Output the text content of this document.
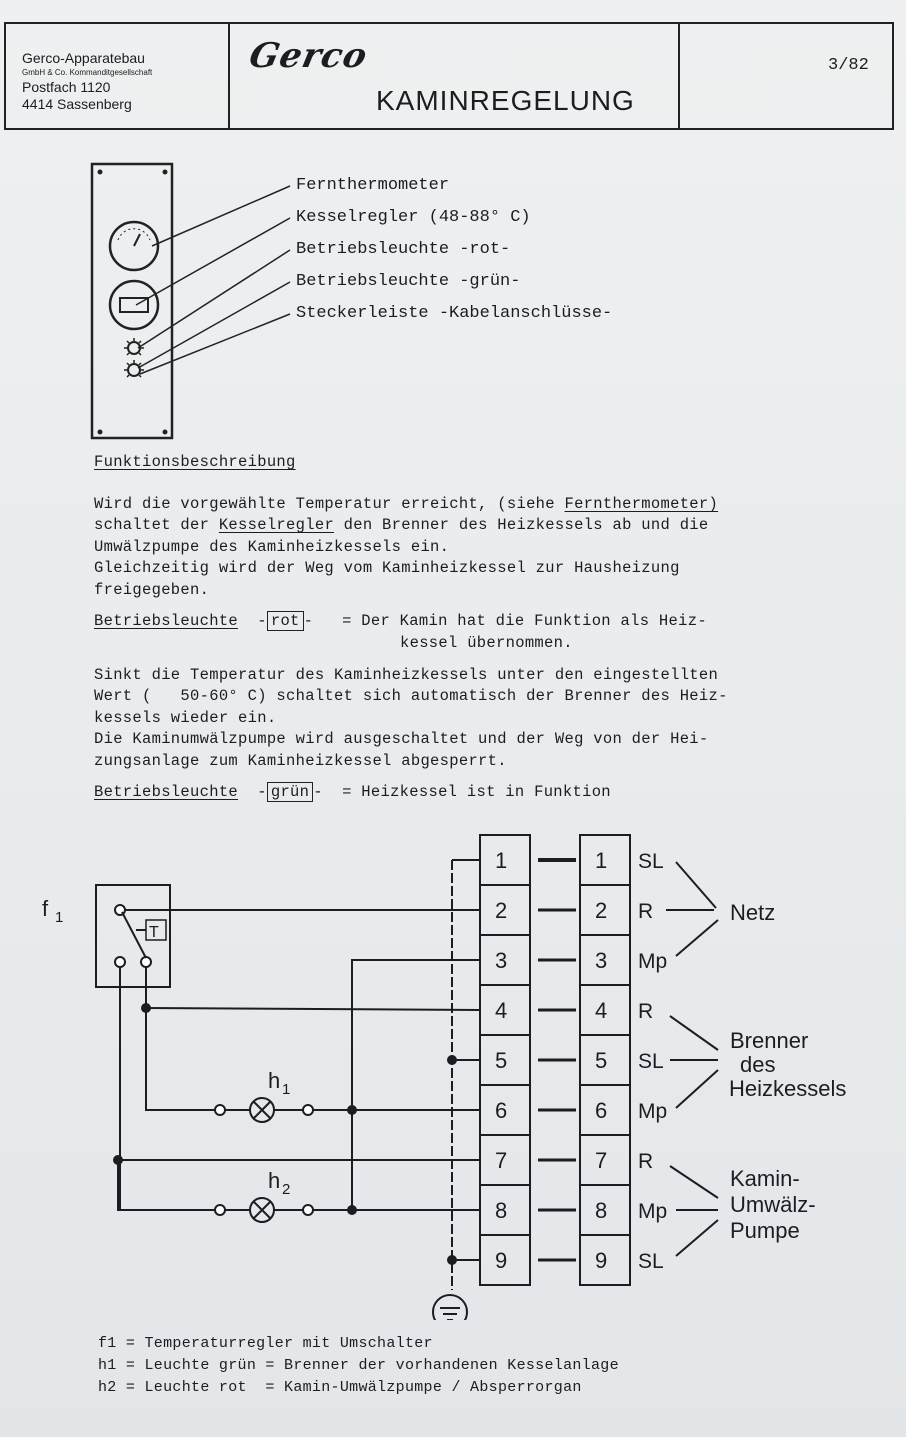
Gerco-Apparatebau

GmbH & Co. Kommanditgesellschaft
Postfach 1120
4414 Sassenberg
Gerco
KAMINREGELUNG
3/82
Fernthermometer
Kesselregler (48-88° C)
Betriebsleuchte -rot-
Betriebsleuchte -grün-
Steckerleiste -Kabelanschlüsse-
Funktionsbeschreibung
Wird die vorgewählte Temperatur erreicht, (siehe Fernthermometer)
schaltet der Kesselregler den Brenner des Heizkessels ab und die
Umwälzpumpe des Kaminheizkessels ein.
Gleichzeitig wird der Weg vom Kaminheizkessel zur Hausheizung
freigegeben.
Betriebsleuchte  - rot -   = Der Kamin hat die Funktion als Heiz-
kessel übernommen.
Sinkt die Temperatur des Kaminheizkessels unter den eingestellten
Wert (   50-60° C) schaltet sich automatisch der Brenner des Heiz-
kessels wieder ein.
Die Kaminumwälzpumpe wird ausgeschaltet und der Weg von der Hei-
zungsanlage zum Kaminheizkessel abgesperrt.
Betriebsleuchte  - grün -  = Heizkessel ist in Funktion
1
2
3
4
5
6
7
8
9
1
2
3
4
5
6
7
8
9
SL
R
Mp
R
SL
Mp
R
Mp
SL
Netz
Brenner
des
Heizkessels
Kamin-
Umwälz-
Pumpe
f 1
T
h 1
h 2
f1 = Temperaturregler mit Umschalter
h1 = Leuchte grün = Brenner der vorhandenen Kesselanlage
h2 = Leuchte rot  = Kamin-Umwälzpumpe / Absperrorgan
